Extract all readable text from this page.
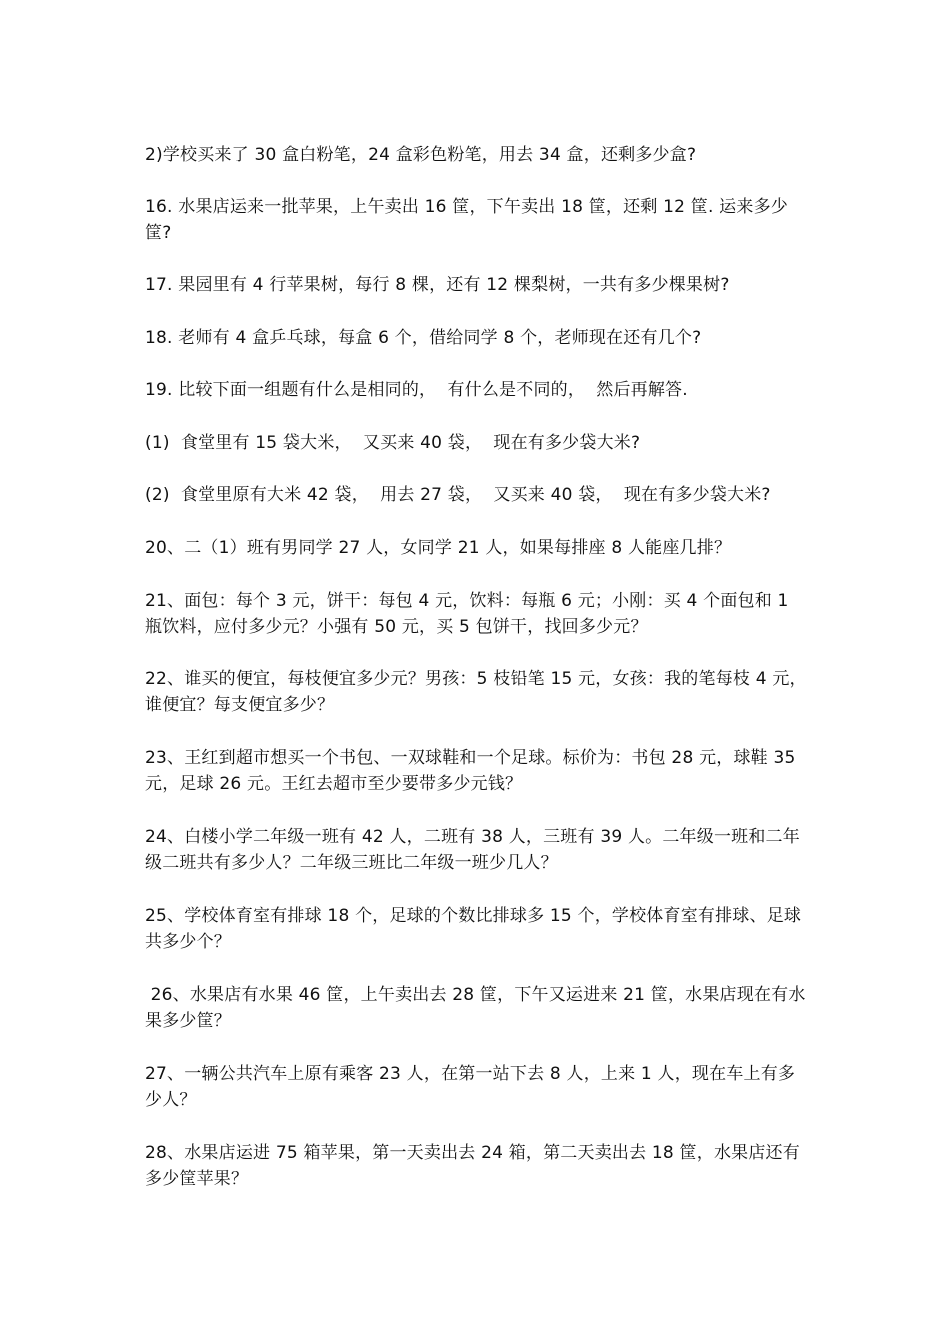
2)学校买来了 30 盒白粉笔，24 盒彩色粉笔，用去 34 盒，还剩多少盒?
16. 水果店运来一批苹果，上午卖出 16 筐，下午卖出 18 筐，还剩 12 筐. 运来多少筐?
17. 果园里有 4 行苹果树，每行 8 棵，还有 12 棵梨树，一共有多少棵果树?
18. 老师有 4 盒乒乓球，每盒 6 个，借给同学 8 个，老师现在还有几个?
19. 比较下面一组题有什么是相同的，  有什么是不同的，  然后再解答.
(1)  食堂里有 15 袋大米，  又买来 40 袋，  现在有多少袋大米?
(2)  食堂里原有大米 42 袋，  用去 27 袋，  又买来 40 袋，  现在有多少袋大米?
20、二（1）班有男同学 27 人，女同学 21 人，如果每排座 8 人能座几排？
21、面包：每个 3 元，饼干：每包 4 元，饮料：每瓶 6 元；小刚：买 4 个面包和 1 瓶饮料，应付多少元？小强有 50 元，买 5 包饼干，找回多少元？
22、谁买的便宜，每枝便宜多少元？男孩：5 枝铅笔 15 元，女孩：我的笔每枝 4 元，谁便宜？每支便宜多少？
23、王红到超市想买一个书包、一双球鞋和一个足球。标价为：书包 28 元，球鞋 35 元，足球 26 元。王红去超市至少要带多少元钱？
24、白楼小学二年级一班有 42 人，二班有 38 人，三班有 39 人。二年级一班和二年级二班共有多少人？二年级三班比二年级一班少几人？
25、学校体育室有排球 18 个，足球的个数比排球多 15 个，学校体育室有排球、足球共多少个？
26、水果店有水果 46 筐，上午卖出去 28 筐，下午又运进来 21 筐，水果店现在有水果多少筐？
27、一辆公共汽车上原有乘客 23 人，在第一站下去 8 人，上来 1 人，现在车上有多少人？
28、水果店运进 75 箱苹果，第一天卖出去 24 箱，第二天卖出去 18 筐，水果店还有多少筐苹果？
